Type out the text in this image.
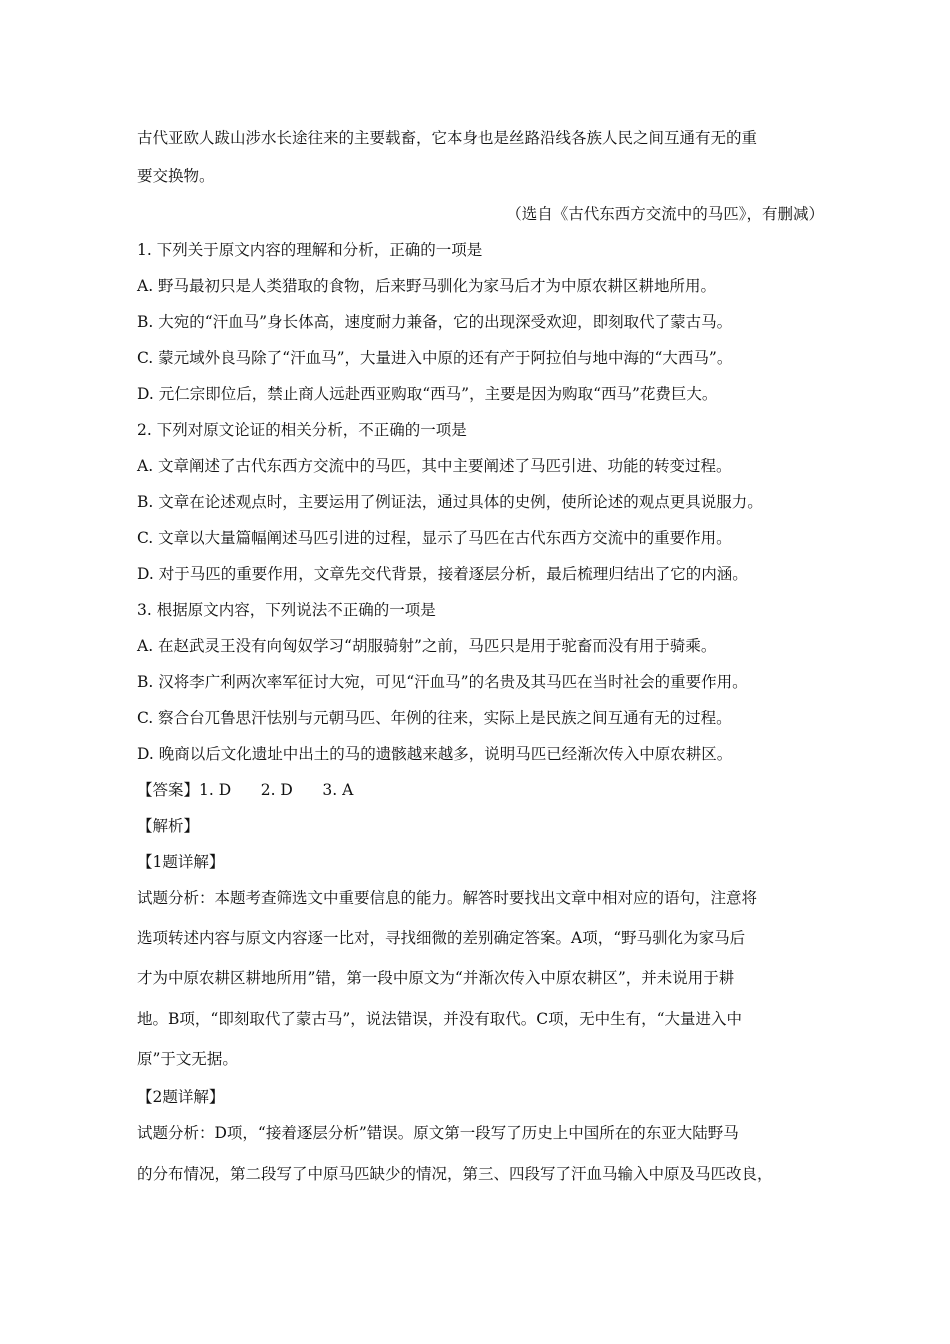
古代亚欧人跋山涉水长途往来的主要载畜，它本身也是丝路沿线各族人民之间互通有无的重
要交换物。
（选自《古代东西方交流中的马匹》，有删减）
1. 下列关于原文内容的理解和分析，正确的一项是
A. 野马最初只是人类猎取的食物，后来野马驯化为家马后才为中原农耕区耕地所用。
B. 大宛的“汗血马”身长体高，速度耐力兼备，它的出现深受欢迎，即刻取代了蒙古马。
C. 蒙元域外良马除了“汗血马”，大量进入中原的还有产于阿拉伯与地中海的“大西马”。
D. 元仁宗即位后，禁止商人远赴西亚购取“西马”，主要是因为购取“西马”花费巨大。
2. 下列对原文论证的相关分析，不正确的一项是
A. 文章阐述了古代东西方交流中的马匹，其中主要阐述了马匹引进、功能的转变过程。
B. 文章在论述观点时，主要运用了例证法，通过具体的史例，使所论述的观点更具说服力。
C. 文章以大量篇幅阐述马匹引进的过程，显示了马匹在古代东西方交流中的重要作用。
D. 对于马匹的重要作用，文章先交代背景，接着逐层分析，最后梳理归结出了它的内涵。
3. 根据原文内容，下列说法不正确的一项是
A. 在赵武灵王没有向匈奴学习“胡服骑射”之前，马匹只是用于驼畜而没有用于骑乘。
B. 汉将李广利两次率军征讨大宛，可见“汗血马”的名贵及其马匹在当时社会的重要作用。
C. 察合台兀鲁思汗怯别与元朝马匹、年例的往来，实际上是民族之间互通有无的过程。
D. 晚商以后文化遗址中出土的马的遗骸越来越多，说明马匹已经渐次传入中原农耕区。
【答案】1. D      2. D      3. A
【解析】
【1题详解】
试题分析：本题考查筛选文中重要信息的能力。解答时要找出文章中相对应的语句，注意将
选项转述内容与原文内容逐一比对，寻找细微的差别确定答案。A项，“野马驯化为家马后
才为中原农耕区耕地所用”错，第一段中原文为“并渐次传入中原农耕区”，并未说用于耕
地。B项，“即刻取代了蒙古马”，说法错误，并没有取代。C项，无中生有，“大量进入中
原”于文无据。
【2题详解】
试题分析：D项，“接着逐层分析”错误。原文第一段写了历史上中国所在的东亚大陆野马
的分布情况，第二段写了中原马匹缺少的情况，第三、四段写了汗血马输入中原及马匹改良，
